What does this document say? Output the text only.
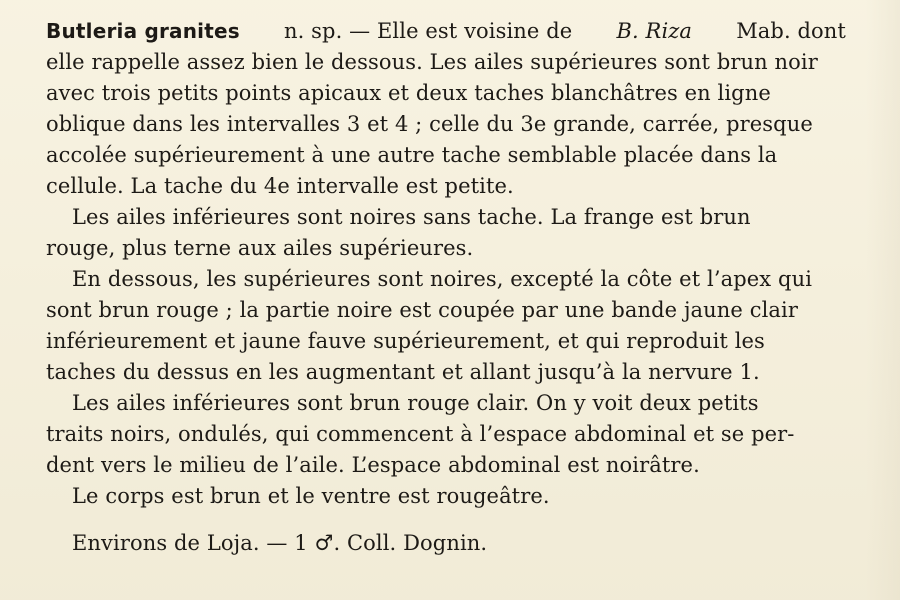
Butleria granites n. sp. — Elle est voisine de B. Riza Mab. dont
elle rappelle assez bien le dessous. Les ailes supérieures sont brun noir
avec trois petits points apicaux et deux taches blanchâtres en ligne
oblique dans les intervalles 3 et 4 ; celle du 3e grande, carrée, presque
accolée supérieurement à une autre tache semblable placée dans la
cellule. La tache du 4e intervalle est petite.
Les ailes inférieures sont noires sans tache. La frange est brun
rouge, plus terne aux ailes supérieures.
En dessous, les supérieures sont noires, excepté la côte et l’apex qui
sont brun rouge ; la partie noire est coupée par une bande jaune clair
inférieurement et jaune fauve supérieurement, et qui reproduit les
taches du dessus en les augmentant et allant jusqu’à la nervure 1.
Les ailes inférieures sont brun rouge clair. On y voit deux petits
traits noirs, ondulés, qui commencent à l’espace abdominal et se per-
dent vers le milieu de l’aile. L’espace abdominal est noirâtre.
Le corps est brun et le ventre est rougeâtre.
Environs de Loja. — 1 ♂. Coll. Dognin.
